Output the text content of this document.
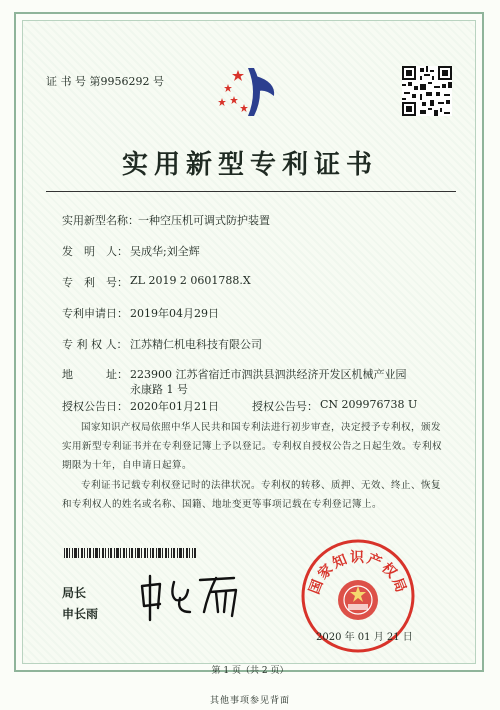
证 书 号 第9956292 号
实用新型专利证书
实用新型名称： 一种空压机可调式防护装置
发　明　人： 吴成华;刘全辉
专　利　号： ZL 2019 2 0601788.X
专利申请日： 2019年04月29日
专 利 权 人： 江苏精仁机电科技有限公司
地　　　址： 223900 江苏省宿迁市泗洪县泗洪经济开发区机械产业园
永康路 1 号
授权公告日： 2020年01月21日	授权公告号： CN 209976738 U
国家知识产权局依照中华人民共和国专利法进行初步审查，决定授予专利权，颁发实用新型专利证书并在专利登记簿上予以登记。专利权自授权公告之日起生效。专利权期限为十年，自申请日起算。
专利证书记载专利权登记时的法律状况。专利权的转移、质押、无效、终止、恢复和专利权人的姓名或名称、国籍、地址变更等事项记载在专利登记簿上。
局长
申长雨
国家知识产权局
2020 年 01 月 21 日
第 1 页（共 2 页）
其他事项参见背面
